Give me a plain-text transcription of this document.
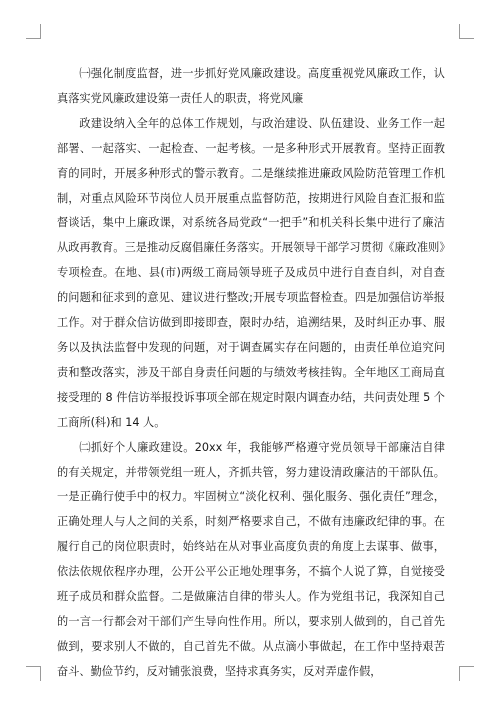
㈠强化制度监督，进一步抓好党风廉政建设。高度重视党风廉政工作，认真落实党风廉政建设第一责任人的职责，将党风廉

政建设纳入全年的总体工作规划，与政治建设、队伍建设、业务工作一起部署、一起落实、一起检查、一起考核。一是多种形式开展教育。坚持正面教育的同时，开展多种形式的警示教育。二是继续推进廉政风险防范管理工作机制，对重点风险环节岗位人员开展重点监督防范，按期进行风险自查汇报和监督谈话，集中上廉政课，对系统各局党政“一把手”和机关科长集中进行了廉洁从政再教育。三是推动反腐倡廉任务落实。开展领导干部学习贯彻《廉政准则》专项检查。在地、县(市)两级工商局领导班子及成员中进行自查自纠，对自查的问题和征求到的意见、建议进行整改;开展专项监督检查。四是加强信访举报工作。对于群众信访做到即接即查，限时办结，追溯结果，及时纠正办事、服务以及执法监督中发现的问题，对于调查属实存在问题的，由责任单位追究问责和整改落实，涉及干部自身责任问题的与绩效考核挂钩。全年地区工商局直接受理的 8 件信访举报投诉事项全部在规定时限内调查办结，共问责处理 5 个工商所(科)和 14 人。

㈡抓好个人廉政建设。20xx 年，我能够严格遵守党员领导干部廉洁自律的有关规定，并带领党组一班人，齐抓共管，努力建设清政廉洁的干部队伍。一是正确行使手中的权力。牢固树立“淡化权利、强化服务、强化责任”理念，正确处理人与人之间的关系，时刻严格要求自己，不做有违廉政纪律的事。在履行自己的岗位职责时，始终站在从对事业高度负责的角度上去谋事、做事，依法依规依程序办理，公开公平公正地处理事务，不搞个人说了算，自觉接受班子成员和群众监督。二是做廉洁自律的带头人。作为党组书记，我深知自己的一言一行都会对干部们产生导向性作用。所以，要求别人做到的，自己首先做到，要求别人不做的，自己首先不做。从点滴小事做起，在工作中坚持艰苦奋斗、勤俭节约，反对铺张浪费，坚持求真务实，反对弄虚作假，
